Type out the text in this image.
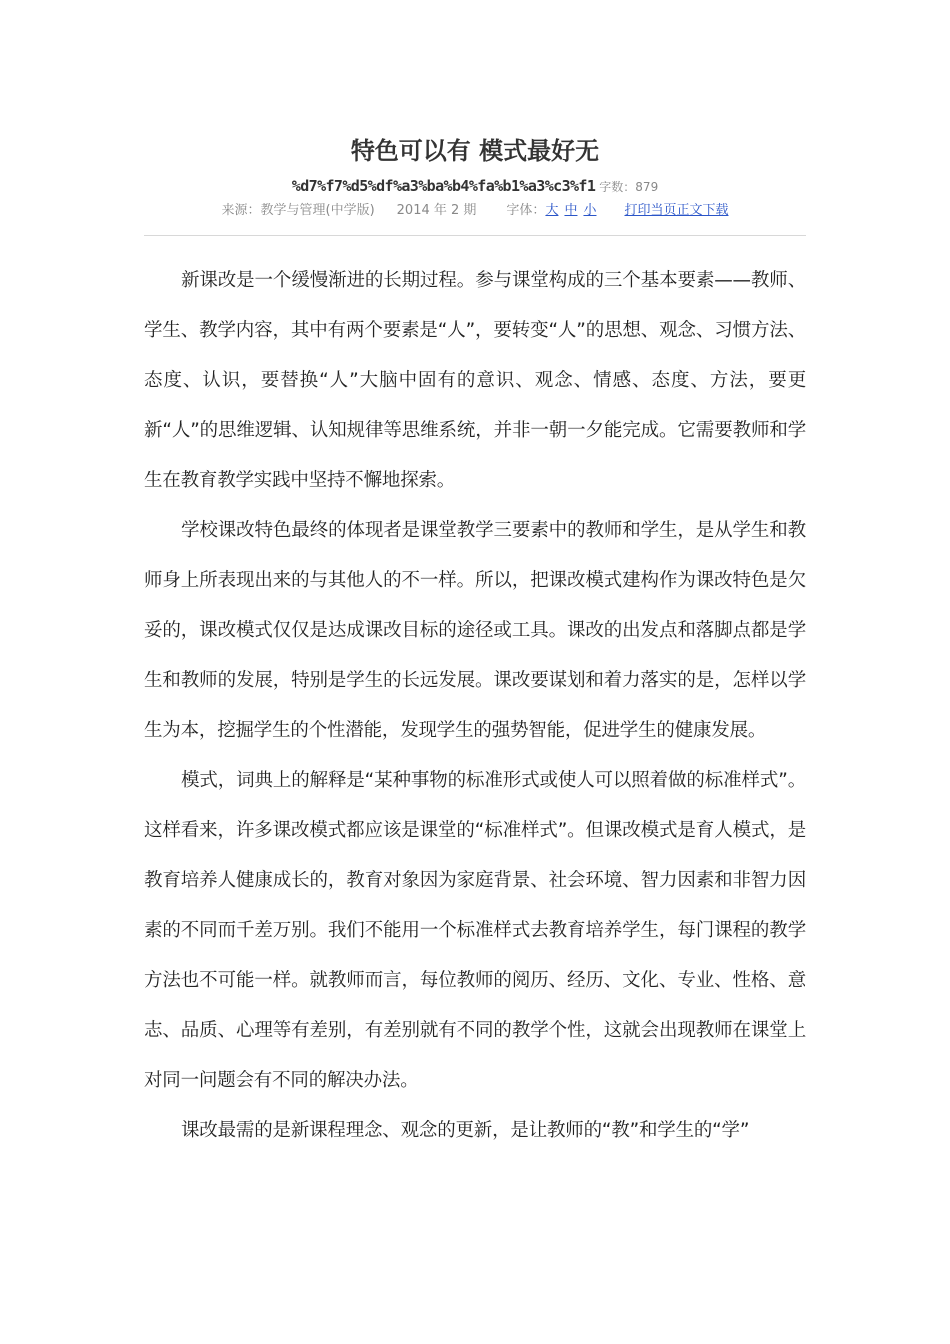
特色可以有 模式最好无
%d7%f7%d5%df%a3%ba%b4%fa%b1%a3%c3%f1 字数：879
来源：教学与管理(中学版) 2014 年 2 期 字体：大 中 小 打印当页正文下载

新课改是一个缓慢渐进的长期过程。参与课堂构成的三个基本要素——教师、学生、教学内容，其中有两个要素是“人”，要转变“人”的思想、观念、习惯方法、态度、认识，要替换“人”大脑中固有的意识、观念、情感、态度、方法，要更新“人”的思维逻辑、认知规律等思维系统，并非一朝一夕能完成。它需要教师和学生在教育教学实践中坚持不懈地探索。

学校课改特色最终的体现者是课堂教学三要素中的教师和学生，是从学生和教师身上所表现出来的与其他人的不一样。所以，把课改模式建构作为课改特色是欠妥的，课改模式仅仅是达成课改目标的途径或工具。课改的出发点和落脚点都是学生和教师的发展，特别是学生的长远发展。课改要谋划和着力落实的是，怎样以学生为本，挖掘学生的个性潜能，发现学生的强势智能，促进学生的健康发展。

模式，词典上的解释是“某种事物的标准形式或使人可以照着做的标准样式”。这样看来，许多课改模式都应该是课堂的“标准样式”。但课改模式是育人模式，是教育培养人健康成长的，教育对象因为家庭背景、社会环境、智力因素和非智力因素的不同而千差万别。我们不能用一个标准样式去教育培养学生，每门课程的教学方法也不可能一样。就教师而言，每位教师的阅历、经历、文化、专业、性格、意志、品质、心理等有差别，有差别就有不同的教学个性，这就会出现教师在课堂上对同一问题会有不同的解决办法。

课改最需的是新课程理念、观念的更新，是让教师的“教”和学生的“学”
